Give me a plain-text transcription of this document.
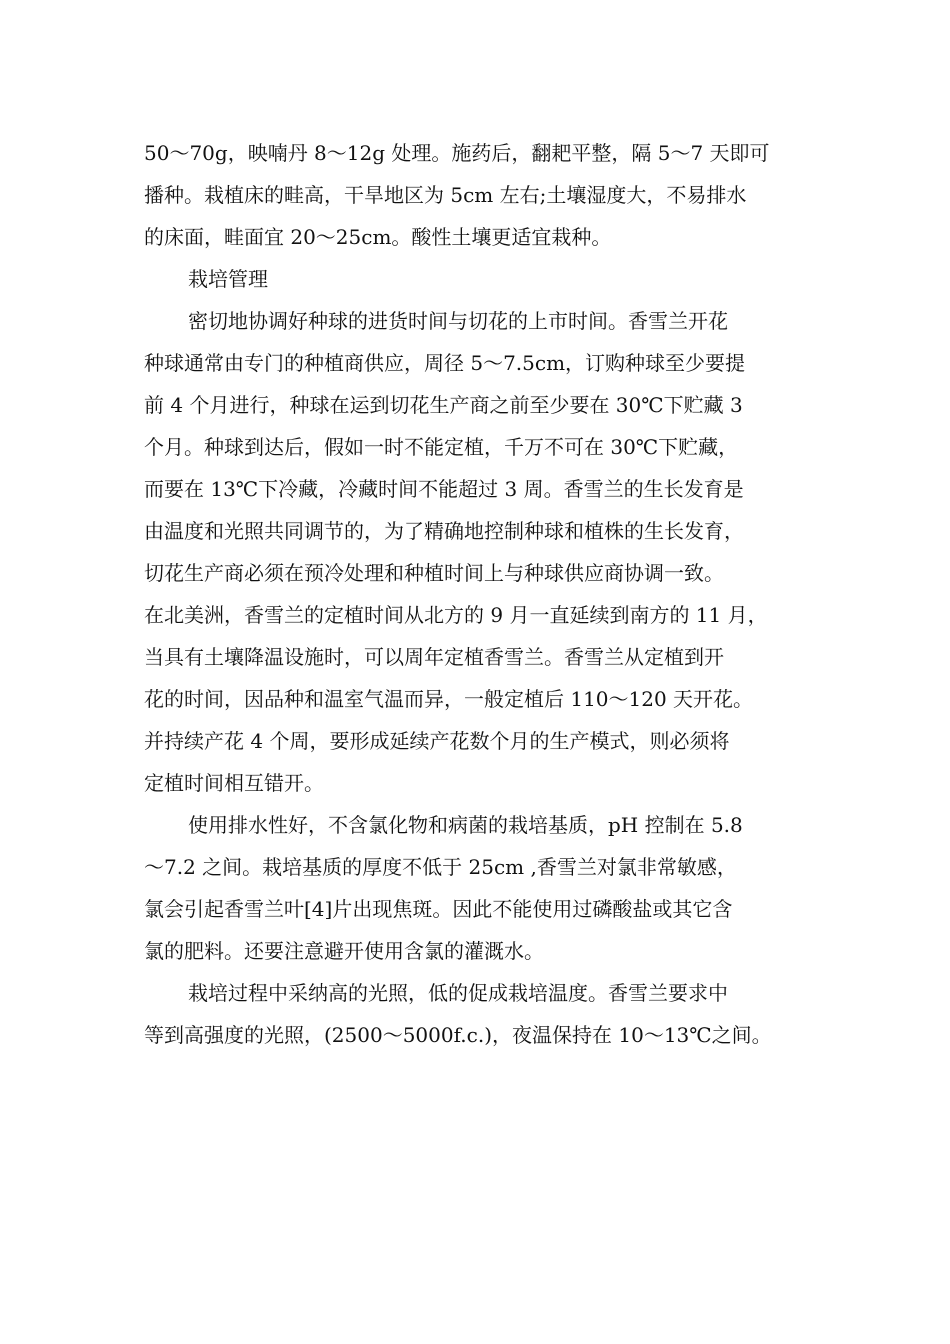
50～70g，映喃丹 8～12g 处理。施药后，翻耙平整，隔 5～7 天即可
播种。栽植床的畦高，干旱地区为 5cm 左右;土壤湿度大，不易排水
的床面，畦面宜 20～25cm。酸性土壤更适宜栽种。
栽培管理
密切地协调好种球的进货时间与切花的上市时间。香雪兰开花
种球通常由专门的种植商供应，周径 5～7.5cm，订购种球至少要提
前 4 个月进行，种球在运到切花生产商之前至少要在 30℃下贮藏 3
个月。种球到达后，假如一时不能定植，千万不可在 30℃下贮藏，
而要在 13℃下冷藏，冷藏时间不能超过 3 周。香雪兰的生长发育是
由温度和光照共同调节的，为了精确地控制种球和植株的生长发育，
切花生产商必须在预冷处理和种植时间上与种球供应商协调一致。
在北美洲，香雪兰的定植时间从北方的 9 月一直延续到南方的 11 月，
当具有土壤降温设施时，可以周年定植香雪兰。香雪兰从定植到开
花的时间，因品种和温室气温而异，一般定植后 110～120 天开花。
并持续产花 4 个周，要形成延续产花数个月的生产模式，则必须将
定植时间相互错开。
使用排水性好，不含氯化物和病菌的栽培基质，pH 控制在 5.8
～7.2 之间。栽培基质的厚度不低于 25cm ,香雪兰对氯非常敏感，
氯会引起香雪兰叶[4]片出现焦斑。因此不能使用过磷酸盐或其它含
氯的肥料。还要注意避开使用含氯的灌溉水。
栽培过程中采纳高的光照，低的促成栽培温度。香雪兰要求中
等到高强度的光照，(2500～5000f.c.)，夜温保持在 10～13℃之间。
